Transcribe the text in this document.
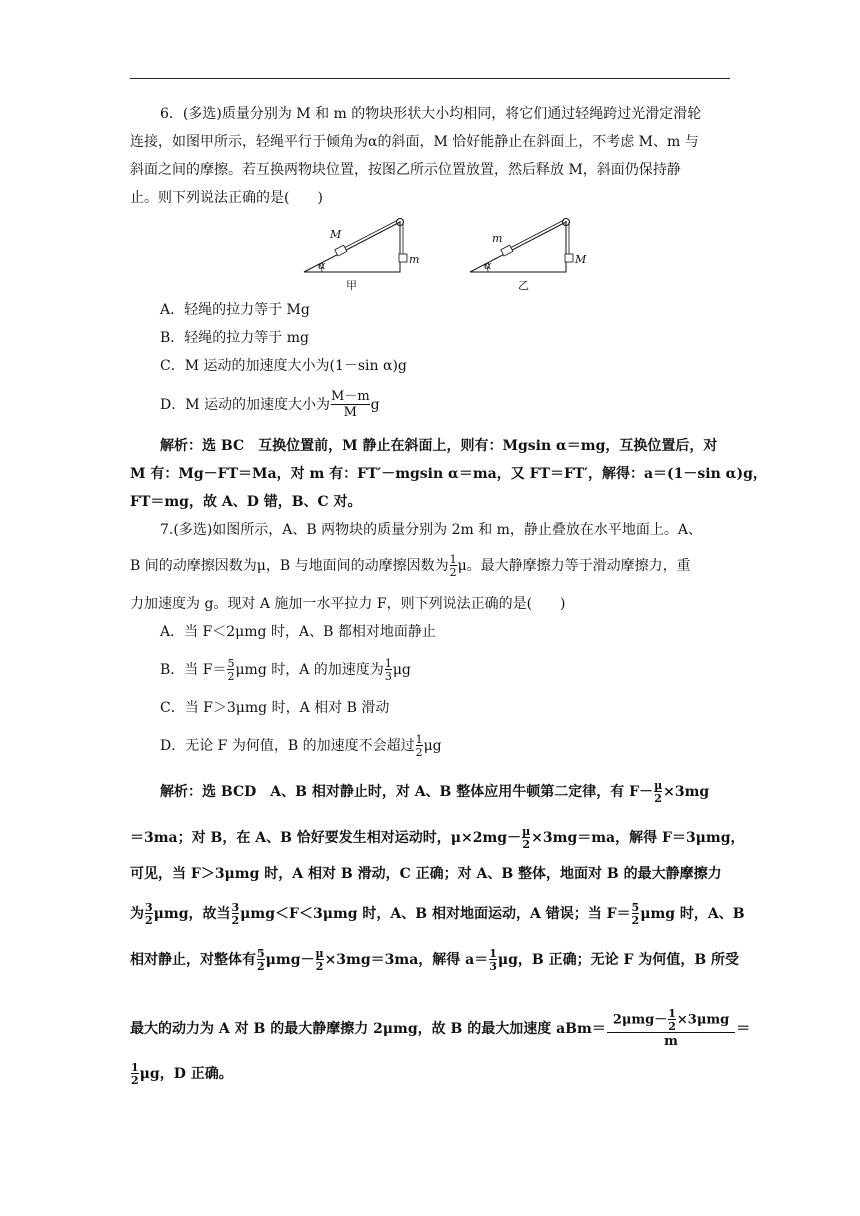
6．(多选)质量分别为 M 和 m 的物块形状大小均相同，将它们通过轻绳跨过光滑定滑轮
连接，如图甲所示，轻绳平行于倾角为α的斜面，M 恰好能静止在斜面上，不考虑 M、m 与
斜面之间的摩擦。若互换两物块位置，按图乙所示位置放置，然后释放 M，斜面仍保持静
止。则下列说法正确的是(　　)
M
m
α
甲
m
M
α
乙
A．轻绳的拉力等于 Mg
B．轻绳的拉力等于 mg
C．M 运动的加速度大小为(1－sin α)g
D．M 运动的加速度大小为 $\frac{M-m}{M}$ g
解析：选 BC　互换位置前，M 静止在斜面上，则有：Mgsin α＝mg，互换位置后，对
M 有：Mg－FT＝Ma，对 m 有：FT′－mgsin α＝ma，又 FT＝FT′，解得：a＝(1－sin α)g，
FT＝mg，故 A、D 错，B、C 对。
7.(多选)如图所示，A、B 两物块的质量分别为 2m 和 m，静止叠放在水平地面上。A、
B 间的动摩擦因数为μ，B 与地面间的动摩擦因数为 $\frac{1}{2}$ μ。最大静摩擦力等于滑动摩擦力，重
力加速度为 g。现对 A 施加一水平拉力 F，则下列说法正确的是(　　)
A．当 F＜2μmg 时，A、B 都相对地面静止
B．当 $F= \frac{5}{2}$ μmg 时，A 的加速度为 $\frac{1}{3}$ μg
C．当 F＞3μmg 时，A 相对 B 滑动
D．无论 F 为何值，B 的加速度不会超过 $\frac{1}{2}$ μg
解析：选 BCD　A、B 相对静止时，对 A、B 整体应用牛顿第二定律，有 $F- \frac{\mu}{2} \times 3mg$
＝3ma；对 B，在 A、B 恰好要发生相对运动时，$\mu\times 2mg- \frac{\mu}{2} \times 3mg=ma$，解得 F＝3μmg，
可见，当 F＞3μmg 时，A 相对 B 滑动，C 正确；对 A、B 整体，地面对 B 的最大静摩擦力
为 $\frac{3}{2}$ μmg，故当 $\frac{3}{2} \mu mg<F<3\mu mg$ 时，A、B 相对地面运动，A 错误；当 $F= \frac{5}{2}$ μmg 时，A、B
相对静止，对整体有 $\frac{5}{2} \mu mg- \frac{\mu}{2} \times 3mg=3ma$，解得 $a= \frac{1}{3}$ μg，B 正确；无论 F 为何值，B 所受
最大的动力为 A 对 B 的最大静摩擦力 2μmg，故 B 的最大加速度 $aBm= \frac{2\mu mg- \frac{1}{2} \times 3\mu mg}{m}$ ＝
$\frac{1}{2}$ μg，D 正确。
